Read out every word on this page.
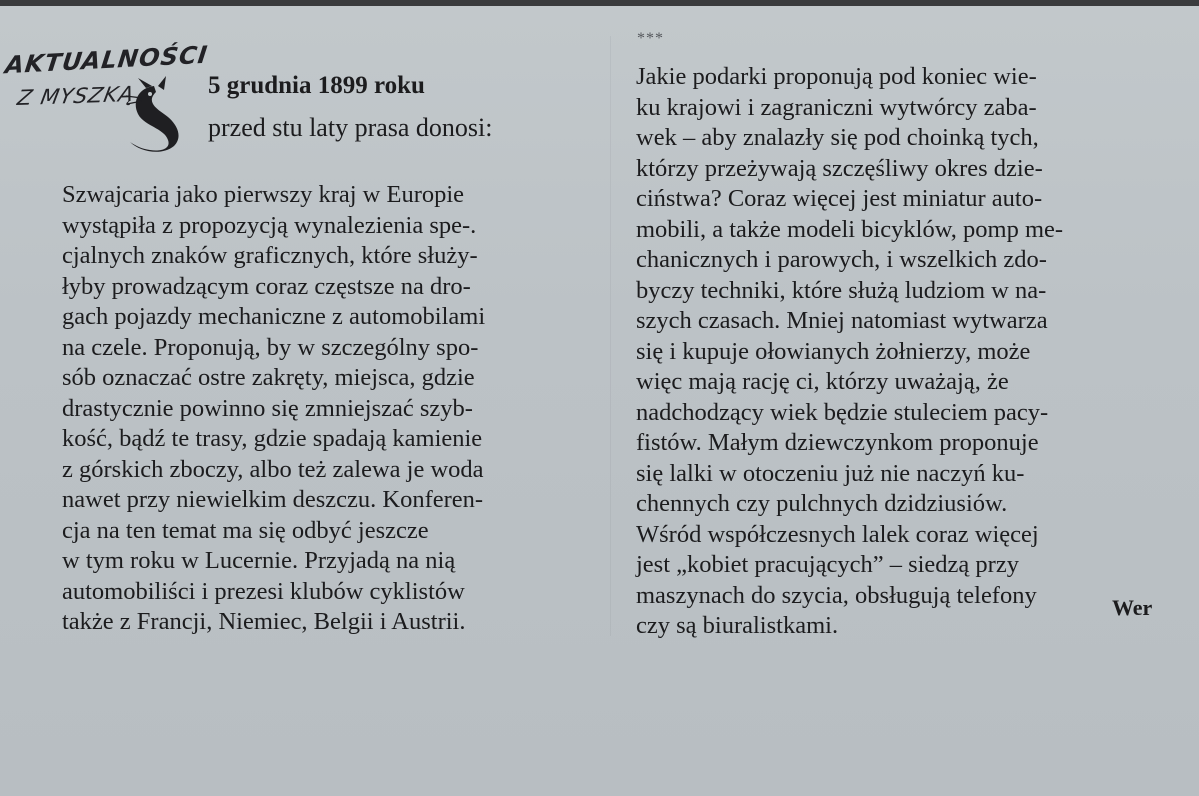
AKTUALNOŚCI
Z MYSZKĄ	5 grudnia 1899 roku

przed stu laty prasa donosi:

Szwajcaria jako pierwszy kraj w Europie
wystąpiła z propozycją wynalezienia spe-.
cjalnych znaków graficznych, które służy-
łyby prowadzącym coraz częstsze na dro-
gach pojazdy mechaniczne z automobilami
na czele. Proponują, by w szczególny spo-
sób oznaczać ostre zakręty, miejsca, gdzie
drastycznie powinno się zmniejszać szyb-
kość, bądź te trasy, gdzie spadają kamienie
z górskich zboczy, albo też zalewa je woda
nawet przy niewielkim deszczu. Konferen-
cja na ten temat ma się odbyć jeszcze
w tym roku w Lucernie. Przyjadą na nią
automobiliści i prezesi klubów cyklistów
także z Francji, Niemiec, Belgii i Austrii.

***

Jakie podarki proponują pod koniec wie-
ku krajowi i zagraniczni wytwórcy zaba-
wek – aby znalazły się pod choinką tych,
którzy przeżywają szczęśliwy okres dzie-
ciństwa? Coraz więcej jest miniatur auto-
mobili, a także modeli bicyklów, pomp me-
chanicznych i parowych, i wszelkich zdo-
byczy techniki, które służą ludziom w na-
szych czasach. Mniej natomiast wytwarza
się i kupuje ołowianych żołnierzy, może
więc mają rację ci, którzy uważają, że
nadchodzący wiek będzie stuleciem pacy-
fistów. Małym dziewczynkom proponuje
się lalki w otoczeniu już nie naczyń ku-
chennych czy pulchnych dzidziusiów.
Wśród współczesnych lalek coraz więcej
jest „kobiet pracujących” – siedzą przy
maszynach do szycia, obsługują telefony
czy są biuralistkami.

Wer
